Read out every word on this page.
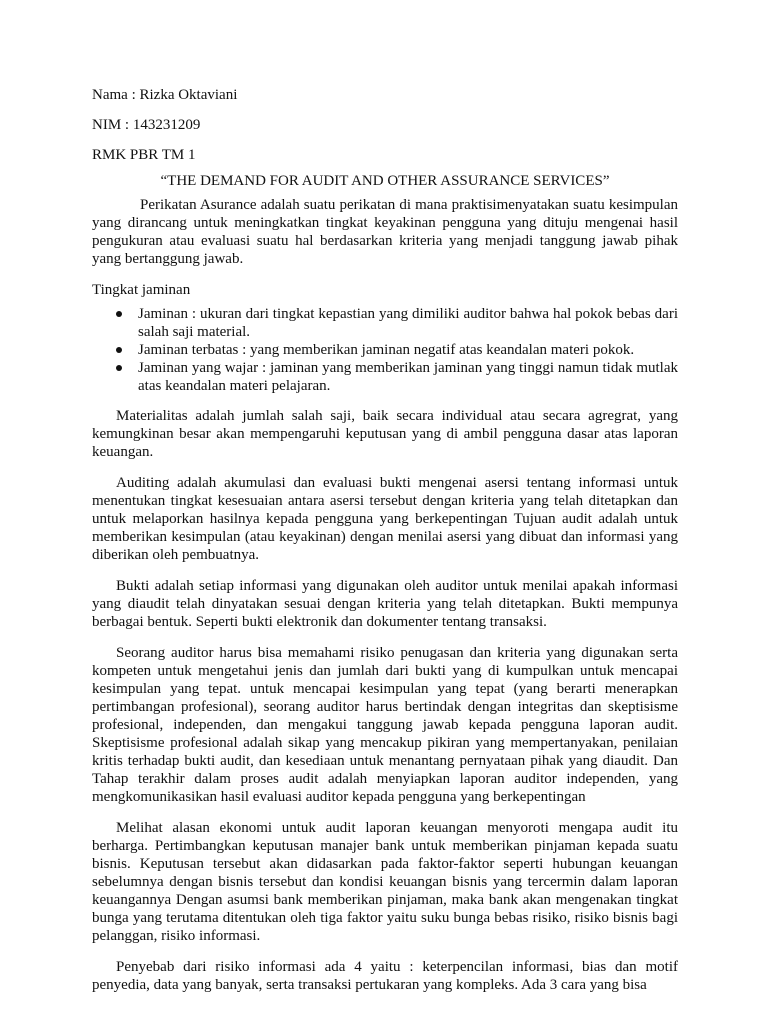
Nama : Rizka Oktaviani
NIM : 143231209
RMK PBR TM 1
“THE DEMAND FOR AUDIT AND OTHER ASSURANCE SERVICES”

Perikatan Asurance adalah suatu perikatan di mana praktisimenyatakan suatu kesimpulan yang dirancang untuk meningkatkan tingkat keyakinan pengguna yang dituju mengenai hasil pengukuran atau evaluasi suatu hal berdasarkan kriteria yang menjadi tanggung jawab pihak yang bertanggung jawab.

Tingkat jaminan

Jaminan : ukuran dari tingkat kepastian yang dimiliki auditor bahwa hal pokok bebas dari salah saji material.
Jaminan terbatas : yang memberikan jaminan negatif atas keandalan materi pokok.
Jaminan yang wajar : jaminan yang memberikan jaminan yang tinggi namun tidak mutlak atas keandalan materi pelajaran.

Materialitas adalah jumlah salah saji, baik secara individual atau secara agregrat, yang kemungkinan besar akan mempengaruhi keputusan yang di ambil pengguna dasar atas laporan keuangan.

Auditing adalah akumulasi dan evaluasi bukti mengenai asersi tentang informasi untuk menentukan tingkat kesesuaian antara asersi tersebut dengan kriteria yang telah ditetapkan dan untuk melaporkan hasilnya kepada pengguna yang berkepentingan Tujuan audit adalah untuk memberikan kesimpulan (atau keyakinan) dengan menilai asersi yang dibuat dan informasi yang diberikan oleh pembuatnya.

Bukti adalah setiap informasi yang digunakan oleh auditor untuk menilai apakah informasi yang diaudit telah dinyatakan sesuai dengan kriteria yang telah ditetapkan. Bukti mempunya berbagai bentuk. Seperti bukti elektronik dan dokumenter tentang transaksi.

Seorang auditor harus bisa memahami risiko penugasan dan kriteria yang digunakan serta kompeten untuk mengetahui jenis dan jumlah dari bukti yang di kumpulkan untuk mencapai kesimpulan yang tepat. untuk mencapai kesimpulan yang tepat (yang berarti menerapkan pertimbangan profesional), seorang auditor harus bertindak dengan integritas dan skeptisisme profesional, independen, dan mengakui tanggung jawab kepada pengguna laporan audit. Skeptisisme profesional adalah sikap yang mencakup pikiran yang mempertanyakan, penilaian kritis terhadap bukti audit, dan kesediaan untuk menantang pernyataan pihak yang diaudit. Dan Tahap terakhir dalam proses audit adalah menyiapkan laporan auditor independen, yang mengkomunikasikan hasil evaluasi auditor kepada pengguna yang berkepentingan

Melihat alasan ekonomi untuk audit laporan keuangan menyoroti mengapa audit itu berharga. Pertimbangkan keputusan manajer bank untuk memberikan pinjaman kepada suatu bisnis. Keputusan tersebut akan didasarkan pada faktor-faktor seperti hubungan keuangan sebelumnya dengan bisnis tersebut dan kondisi keuangan bisnis yang tercermin dalam laporan keuangannya Dengan asumsi bank memberikan pinjaman, maka bank akan mengenakan tingkat bunga yang terutama ditentukan oleh tiga faktor yaitu suku bunga bebas risiko, risiko bisnis bagi pelanggan, risiko informasi.

Penyebab dari risiko informasi ada 4 yaitu : keterpencilan informasi, bias dan motif penyedia, data yang banyak, serta transaksi pertukaran yang kompleks. Ada 3 cara yang bisa
